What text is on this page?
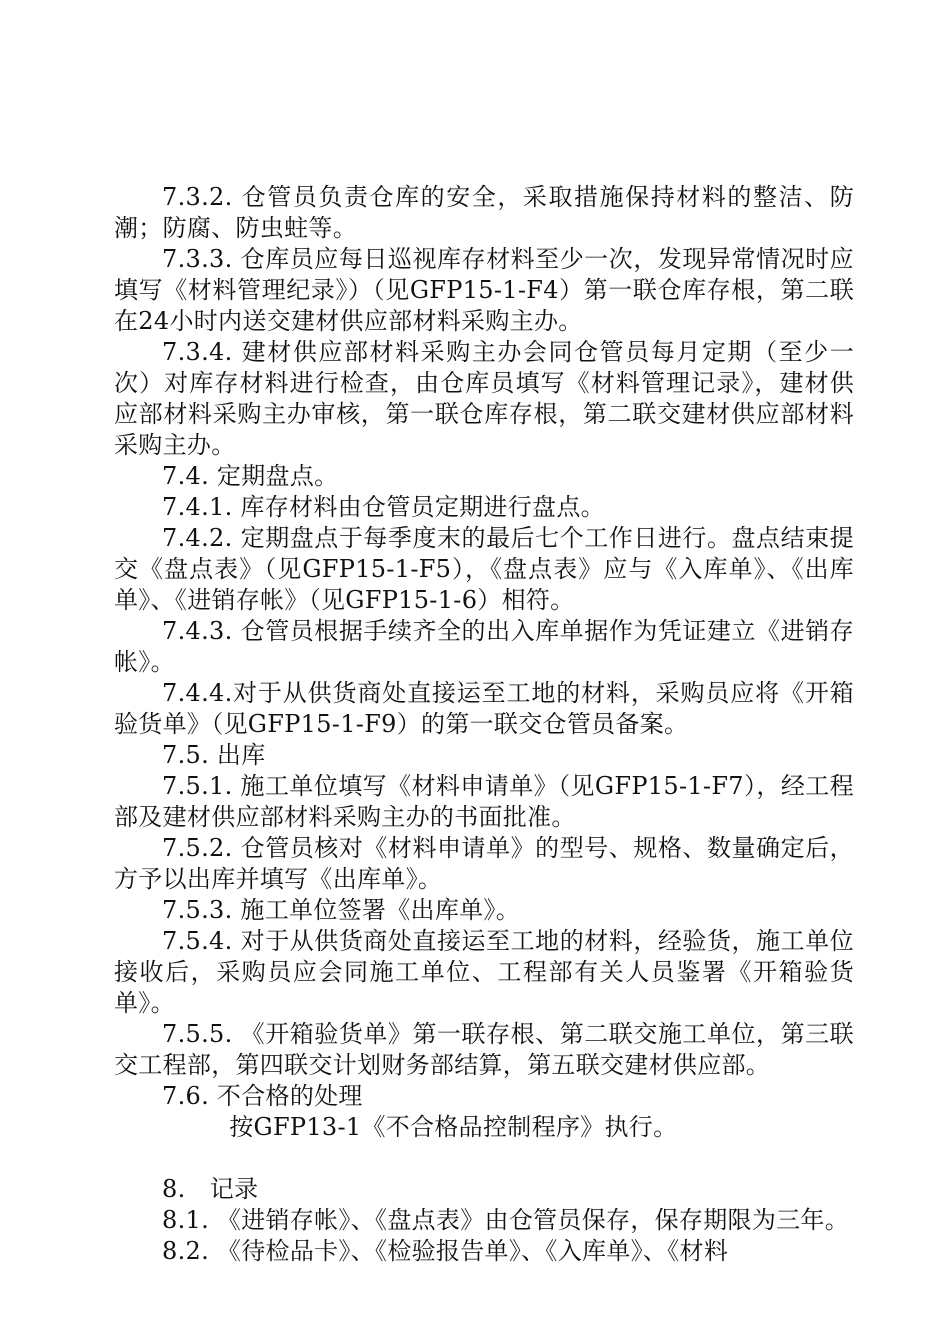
7.3.2. 仓管员负责仓库的安全，采取措施保持材料的整洁、防潮；防腐、防虫蛀等。

7.3.3. 仓库员应每日巡视库存材料至少一次，发现异常情况时应填写《材料管理纪录》）（见GFP15-1-F4）第一联仓库存根，第二联在24小时内送交建材供应部材料采购主办。

7.3.4. 建材供应部材料采购主办会同仓管员每月定期（至少一次）对库存材料进行检查，由仓库员填写《材料管理记录》，建材供应部材料采购主办审核，第一联仓库存根，第二联交建材供应部材料采购主办。

7.4. 定期盘点。

7.4.1. 库存材料由仓管员定期进行盘点。

7.4.2. 定期盘点于每季度末的最后七个工作日进行。盘点结束提交《盘点表》（见GFP15-1-F5），《盘点表》应与《入库单》、《出库单》、《进销存帐》（见GFP15-1-6）相符。

7.4.3. 仓管员根据手续齐全的出入库单据作为凭证建立《进销存帐》。

7.4.4.对于从供货商处直接运至工地的材料，采购员应将《开箱验货单》（见GFP15-1-F9）的第一联交仓管员备案。

7.5. 出库

7.5.1. 施工单位填写《材料申请单》（见GFP15-1-F7），经工程部及建材供应部材料采购主办的书面批准。

7.5.2. 仓管员核对《材料申请单》的型号、规格、数量确定后，方予以出库并填写《出库单》。

7.5.3. 施工单位签署《出库单》。

7.5.4. 对于从供货商处直接运至工地的材料，经验货，施工单位接收后，采购员应会同施工单位、工程部有关人员鉴署《开箱验货单》。

7.5.5. 《开箱验货单》第一联存根、第二联交施工单位，第三联交工程部，第四联交计划财务部结算，第五联交建材供应部。

7.6. 不合格的处理

按GFP13-1《不合格品控制程序》执行。

8.　记录

8.1. 《进销存帐》、《盘点表》由仓管员保存，保存期限为三年。

8.2. 《待检品卡》、《检验报告单》、《入库单》、《材料
